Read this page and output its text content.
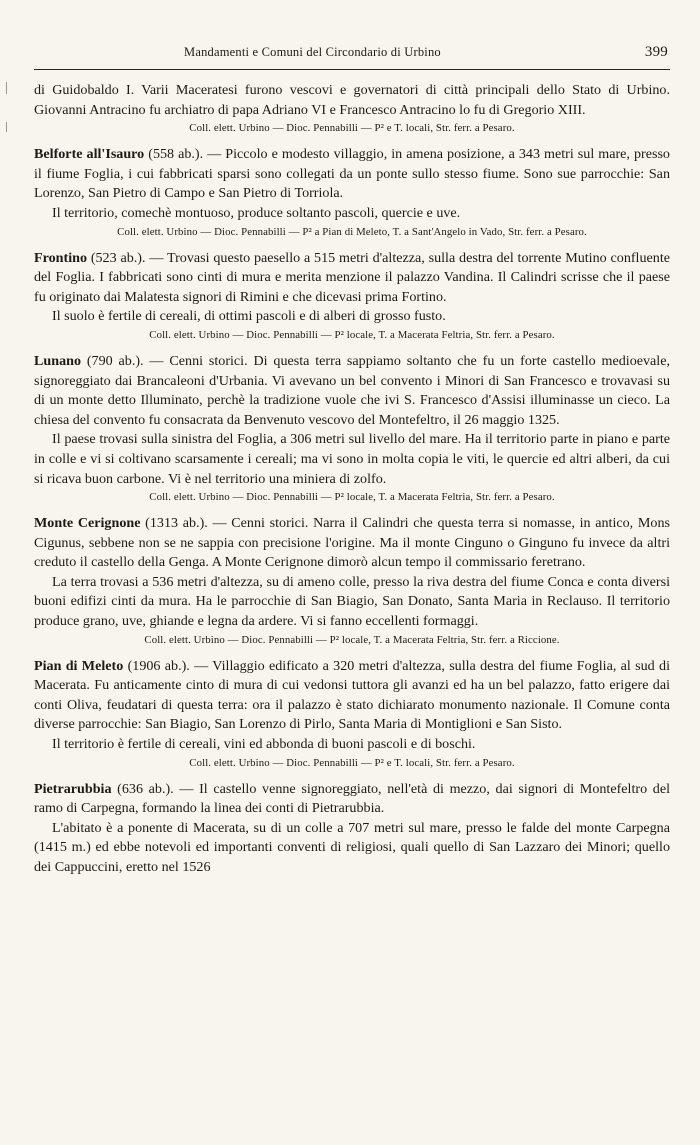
Mandamenti e Comuni del Circondario di Urbino	399

di Guidobaldo I. Varii Maceratesi furono vescovi e governatori di città principali dello Stato di Urbino. Giovanni Antracino fu archiatro di papa Adriano VI e Francesco Antracino lo fu di Gregorio XIII.

Coll. elett. Urbino — Dioc. Pennabilli — P² e T. locali, Str. ferr. a Pesaro.

Belforte all'Isauro (558 ab.). — Piccolo e modesto villaggio, in amena posizione, a 343 metri sul mare, presso il fiume Foglia, i cui fabbricati sparsi sono collegati da un ponte sullo stesso fiume. Sono sue parrocchie: San Lorenzo, San Pietro di Campo e San Pietro di Torriola.

Il territorio, comechè montuoso, produce soltanto pascoli, quercie e uve.

Coll. elett. Urbino — Dioc. Pennabilli — P² a Pian di Meleto, T. a Sant'Angelo in Vado, Str. ferr. a Pesaro.

Frontino (523 ab.). — Trovasi questo paesello a 515 metri d'altezza, sulla destra del torrente Mutino confluente del Foglia. I fabbricati sono cinti di mura e merita menzione il palazzo Vandina. Il Calindri scrisse che il paese fu originato dai Malatesta signori di Rimini e che dicevasi prima Fortino.

Il suolo è fertile di cereali, di ottimi pascoli e di alberi di grosso fusto.

Coll. elett. Urbino — Dioc. Pennabilli — P² locale, T. a Macerata Feltria, Str. ferr. a Pesaro.

Lunano (790 ab.). — Cenni storici. Di questa terra sappiamo soltanto che fu un forte castello medioevale, signoreggiato dai Brancaleoni d'Urbania. Vi avevano un bel convento i Minori di San Francesco e trovavasi su di un monte detto Illuminato, perchè la tradizione vuole che ivi S. Francesco d'Assisi illuminasse un cieco. La chiesa del convento fu consacrata da Benvenuto vescovo del Montefeltro, il 26 maggio 1325.

Il paese trovasi sulla sinistra del Foglia, a 306 metri sul livello del mare. Ha il territorio parte in piano e parte in colle e vi si coltivano scarsamente i cereali; ma vi sono in molta copia le viti, le quercie ed altri alberi, da cui si ricava buon carbone. Vi è nel territorio una miniera di zolfo.

Coll. elett. Urbino — Dioc. Pennabilli — P² locale, T. a Macerata Feltria, Str. ferr. a Pesaro.

Monte Cerignone (1313 ab.). — Cenni storici. Narra il Calindri che questa terra si nomasse, in antico, Mons Cigunus, sebbene non se ne sappia con precisione l'origine. Ma il monte Cinguno o Ginguno fu invece da altri creduto il castello della Genga. A Monte Cerignone dimorò alcun tempo il commissario feretrano.

La terra trovasi a 536 metri d'altezza, su di ameno colle, presso la riva destra del fiume Conca e conta diversi buoni edifizi cinti da mura. Ha le parrocchie di San Biagio, San Donato, Santa Maria in Reclauso. Il territorio produce grano, uve, ghiande e legna da ardere. Vi si fanno eccellenti formaggi.

Coll. elett. Urbino — Dioc. Pennabilli — P² locale, T. a Macerata Feltria, Str. ferr. a Riccione.

Pian di Meleto (1906 ab.). — Villaggio edificato a 320 metri d'altezza, sulla destra del fiume Foglia, al sud di Macerata. Fu anticamente cinto di mura di cui vedonsi tuttora gli avanzi ed ha un bel palazzo, fatto erigere dai conti Oliva, feudatari di questa terra: ora il palazzo è stato dichiarato monumento nazionale. Il Comune conta diverse parrocchie: San Biagio, San Lorenzo di Pirlo, Santa Maria di Montiglioni e San Sisto.

Il territorio è fertile di cereali, vini ed abbonda di buoni pascoli e di boschi.

Coll. elett. Urbino — Dioc. Pennabilli — P² e T. locali, Str. ferr. a Pesaro.

Pietrarubbia (636 ab.). — Il castello venne signoreggiato, nell'età di mezzo, dai signori di Montefeltro del ramo di Carpegna, formando la linea dei conti di Pietrarubbia.

L'abitato è a ponente di Macerata, su di un colle a 707 metri sul mare, presso le falde del monte Carpegna (1415 m.) ed ebbe notevoli ed importanti conventi di religiosi, quali quello di San Lazzaro dei Minori; quello dei Cappuccini, eretto nel 1526
